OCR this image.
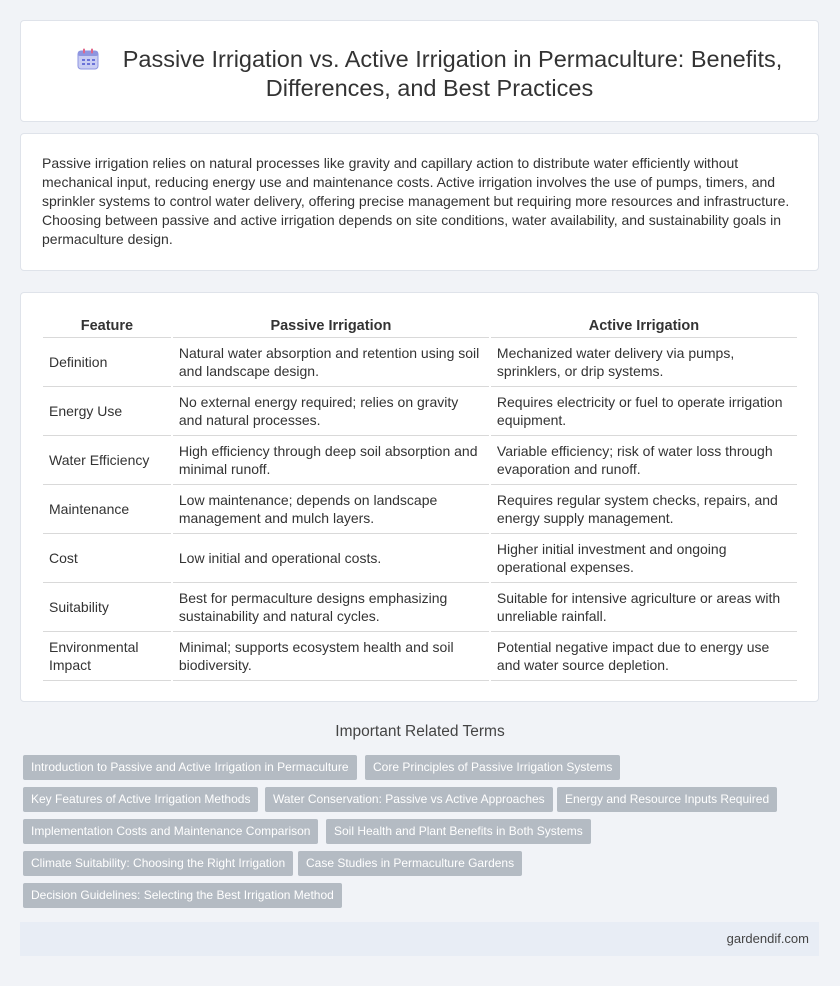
Passive Irrigation vs. Active Irrigation in Permaculture: Benefits,
Differences, and Best Practices

Passive irrigation relies on natural processes like gravity and capillary action to distribute water efficiently without mechanical input, reducing energy use and maintenance costs. Active irrigation involves the use of pumps, timers, and sprinkler systems to control water delivery, offering precise management but requiring more resources and infrastructure. Choosing between passive and active irrigation depends on site conditions, water availability, and sustainability goals in permaculture design.

Feature	Passive Irrigation	Active Irrigation
Definition	Natural water absorption and retention using soil and landscape design.	Mechanized water delivery via pumps, sprinklers, or drip systems.
Energy Use	No external energy required; relies on gravity and natural processes.	Requires electricity or fuel to operate irrigation equipment.
Water Efficiency	High efficiency through deep soil absorption and minimal runoff.	Variable efficiency; risk of water loss through evaporation and runoff.
Maintenance	Low maintenance; depends on landscape management and mulch layers.	Requires regular system checks, repairs, and energy supply management.
Cost	Low initial and operational costs.	Higher initial investment and ongoing operational expenses.
Suitability	Best for permaculture designs emphasizing sustainability and natural cycles.	Suitable for intensive agriculture or areas with unreliable rainfall.
Environmental Impact	Minimal; supports ecosystem health and soil biodiversity.	Potential negative impact due to energy use and water source depletion.
Important Related Terms
Introduction to Passive and Active Irrigation in Permaculture	Core Principles of Passive Irrigation Systems
Key Features of Active Irrigation Methods	Water Conservation: Passive vs Active Approaches	Energy and Resource Inputs Required
Implementation Costs and Maintenance Comparison	Soil Health and Plant Benefits in Both Systems
Climate Suitability: Choosing the Right Irrigation	Case Studies in Permaculture Gardens
Decision Guidelines: Selecting the Best Irrigation Method
gardendif.com
